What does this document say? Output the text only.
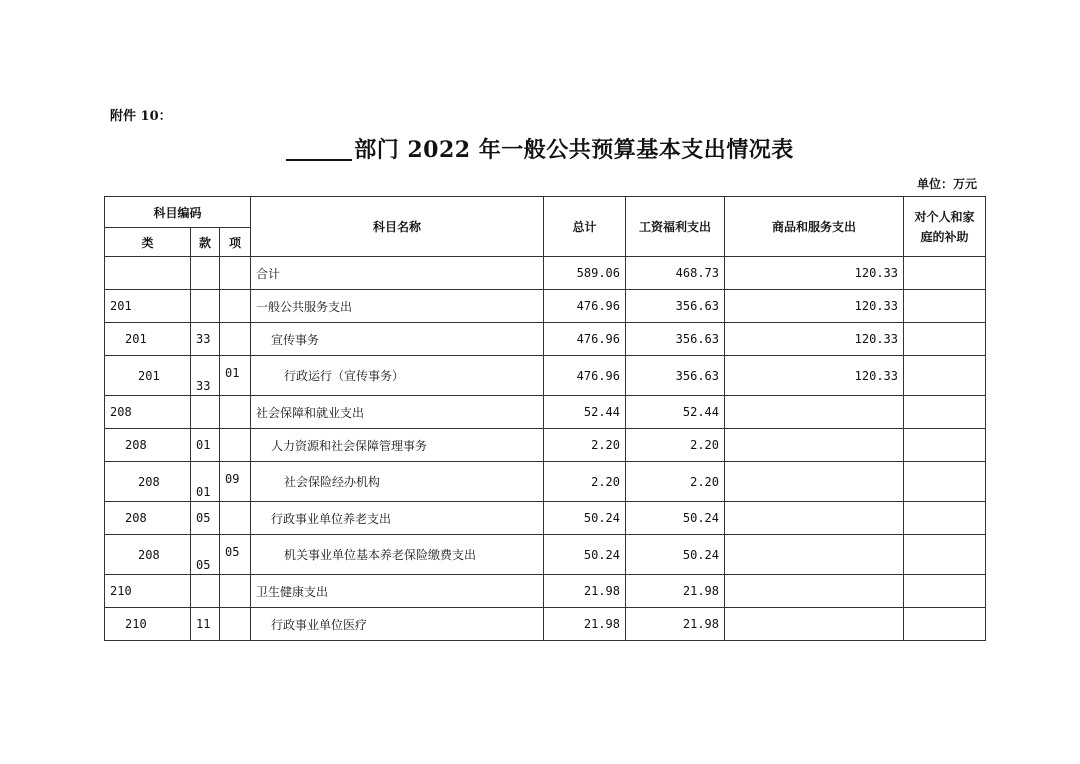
附件 10：
部门 2022 年一般公共预算基本支出情况表
单位：万元
科目编码			科目名称	总计	工资福利支出	商品和服务支出	对个人和家庭的补助
类	款	项					
			合计	589.06	468.73	120.33	
201			一般公共服务支出	476.96	356.63	120.33	
201	33		宣传事务	476.96	356.63	120.33	
201	33	01	行政运行（宣传事务）	476.96	356.63	120.33	
208			社会保障和就业支出	52.44	52.44		
208	01		人力资源和社会保障管理事务	2.20	2.20		
208	01	09	社会保险经办机构	2.20	2.20		
208	05		行政事业单位养老支出	50.24	50.24		
208	05	05	机关事业单位基本养老保险缴费支出	50.24	50.24		
210			卫生健康支出	21.98	21.98		
210	11		行政事业单位医疗	21.98	21.98		
